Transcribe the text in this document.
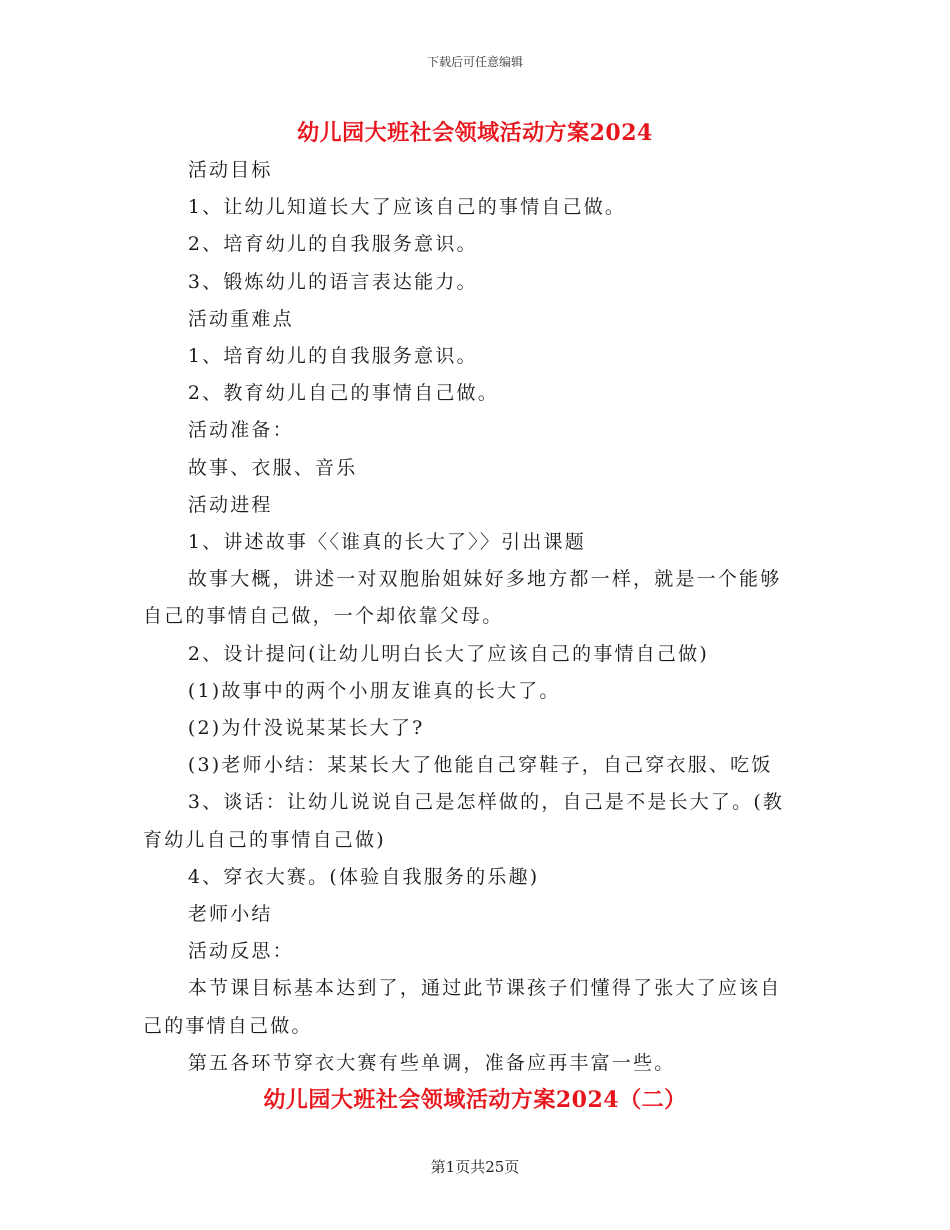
下载后可任意编辑
幼儿园大班社会领域活动方案2024

活动目标

1、让幼儿知道长大了应该自己的事情自己做。

2、培育幼儿的自我服务意识。

3、锻炼幼儿的语言表达能力。

活动重难点

1、培育幼儿的自我服务意识。

2、教育幼儿自己的事情自己做。

活动准备：

故事、衣服、音乐

活动进程

1、讲述故事〈〈谁真的长大了〉〉引出课题

故事大概，讲述一对双胞胎姐妹好多地方都一样，就是一个能够自己的事情自己做，一个却依靠父母。

2、设计提问(让幼儿明白长大了应该自己的事情自己做)

(1)故事中的两个小朋友谁真的长大了。

(2)为什没说某某长大了?

(3)老师小结：某某长大了他能自己穿鞋子，自己穿衣服、吃饭

3、谈话：让幼儿说说自己是怎样做的，自己是不是长大了。(教育幼儿自己的事情自己做)

4、穿衣大赛。(体验自我服务的乐趣)

老师小结

活动反思：

本节课目标基本达到了，通过此节课孩子们懂得了张大了应该自己的事情自己做。

第五各环节穿衣大赛有些单调，准备应再丰富一些。

幼儿园大班社会领域活动方案2024（二）
第1页共25页
